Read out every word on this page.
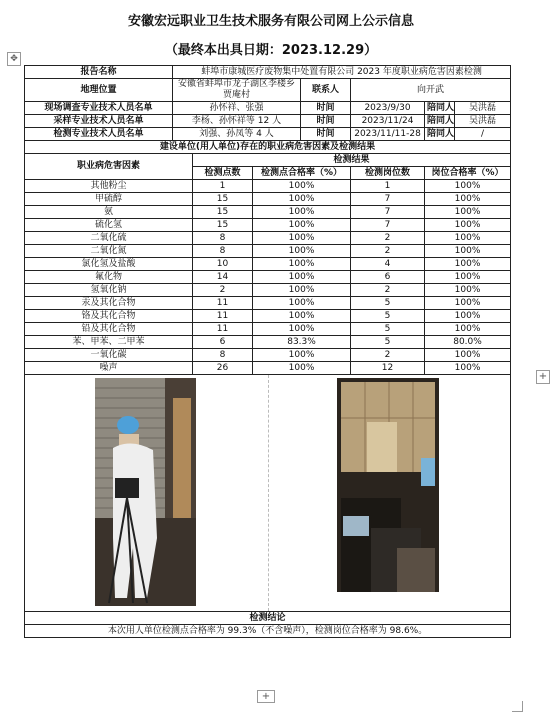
安徽宏远职业卫生技术服务有限公司网上公示信息
（最终本出具日期：2023.12.29）
✥
报告名称	蚌埠市康城医疗废物集中处置有限公司 2023 年度职业病危害因素检测						
地理位置	安徽省蚌埠市龙子湖区李楼乡贾庵村			联系人	向开武		
现场调查专业技术人员名单	孙怀祥、张强			时间	2023/9/30	陪同人	吴洪磊
采样专业技术人员名单	李杨、孙怀祥等 12 人			时间	2023/11/24	陪同人	吴洪磊
检测专业技术人员名单	刘强、孙凤等 4 人			时间	2023/11/11-28	陪同人	/
建设单位(用人单位)存在的职业病危害因素及检测结果							
职业病危害因素		检测结果					
		检测点数	检测点合格率（%）		检测岗位数	岗位合格率（%）	
其他粉尘		1	100%		1	100%	
甲硫醇		15	100%		7	100%	
氨		15	100%		7	100%	
硫化氢		15	100%		7	100%	
二氧化硫		8	100%		2	100%	
二氧化氮		8	100%		2	100%	
氯化氢及盐酸		10	100%		4	100%	
氟化物		14	100%		6	100%	
氢氧化钠		2	100%		2	100%	
汞及其化合物		11	100%		5	100%	
铬及其化合物		11	100%		5	100%	
铅及其化合物		11	100%		5	100%	
苯、甲苯、二甲苯		6	83.3%		5	80.0%	
一氧化碳		8	100%		2	100%	
噪声		26	100%		12	100%	

检测结论							
本次用人单位检测点合格率为 99.3%（不含噪声），检测岗位合格率为 98.6%。							
+
+
